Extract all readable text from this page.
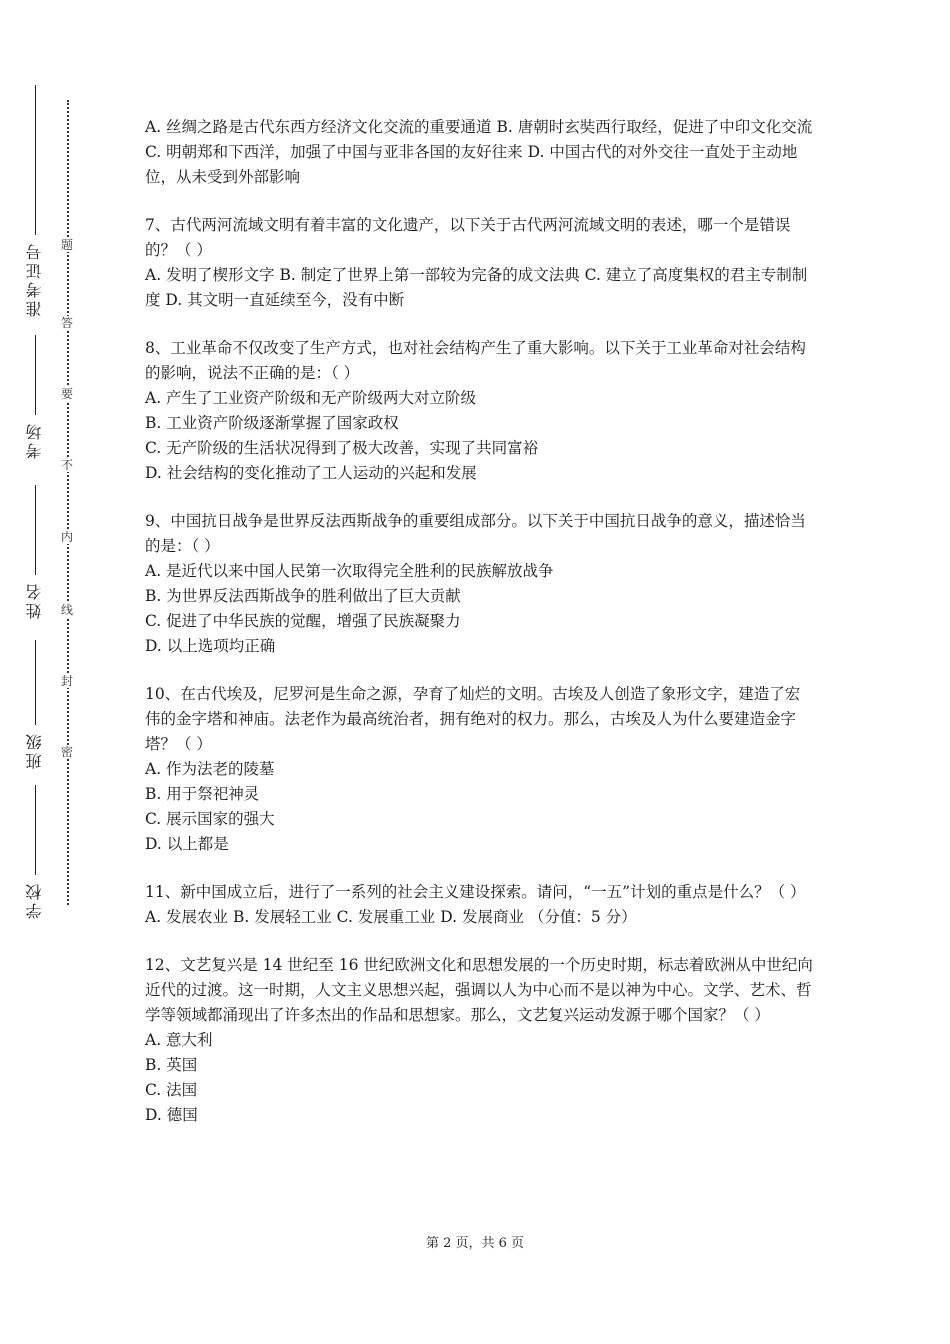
准考证号
考场
姓名
班级
学校
题
答
要
不
内
线
封
密

A. 丝绸之路是古代东西方经济文化交流的重要通道 B. 唐朝时玄奘西行取经，促进了中印文化交流 C. 明朝郑和下西洋，加强了中国与亚非各国的友好往来 D. 中国古代的对外交往一直处于主动地位，从未受到外部影响

7、古代两河流域文明有着丰富的文化遗产，以下关于古代两河流域文明的表述，哪一个是错误的？（ ）

A. 发明了楔形文字 B. 制定了世界上第一部较为完备的成文法典 C. 建立了高度集权的君主专制制度 D. 其文明一直延续至今，没有中断

8、工业革命不仅改变了生产方式，也对社会结构产生了重大影响。以下关于工业革命对社会结构的影响，说法不正确的是：（ ）

A. 产生了工业资产阶级和无产阶级两大对立阶级

B. 工业资产阶级逐渐掌握了国家政权

C. 无产阶级的生活状况得到了极大改善，实现了共同富裕

D. 社会结构的变化推动了工人运动的兴起和发展

9、中国抗日战争是世界反法西斯战争的重要组成部分。以下关于中国抗日战争的意义，描述恰当的是：（ ）

A. 是近代以来中国人民第一次取得完全胜利的民族解放战争

B. 为世界反法西斯战争的胜利做出了巨大贡献

C. 促进了中华民族的觉醒，增强了民族凝聚力

D. 以上选项均正确

10、在古代埃及，尼罗河是生命之源，孕育了灿烂的文明。古埃及人创造了象形文字，建造了宏伟的金字塔和神庙。法老作为最高统治者，拥有绝对的权力。那么，古埃及人为什么要建造金字塔？（ ）

A. 作为法老的陵墓

B. 用于祭祀神灵

C. 展示国家的强大

D. 以上都是

11、新中国成立后，进行了一系列的社会主义建设探索。请问，“一五”计划的重点是什么？（ ）

A. 发展农业 B. 发展轻工业 C. 发展重工业 D. 发展商业 （分值：5 分）

12、文艺复兴是 14 世纪至 16 世纪欧洲文化和思想发展的一个历史时期，标志着欧洲从中世纪向近代的过渡。这一时期，人文主义思想兴起，强调以人为中心而不是以神为中心。文学、艺术、哲学等领域都涌现出了许多杰出的作品和思想家。那么，文艺复兴运动发源于哪个国家？（ ）

A. 意大利

B. 英国

C. 法国

D. 德国

第 2 页，共 6 页
